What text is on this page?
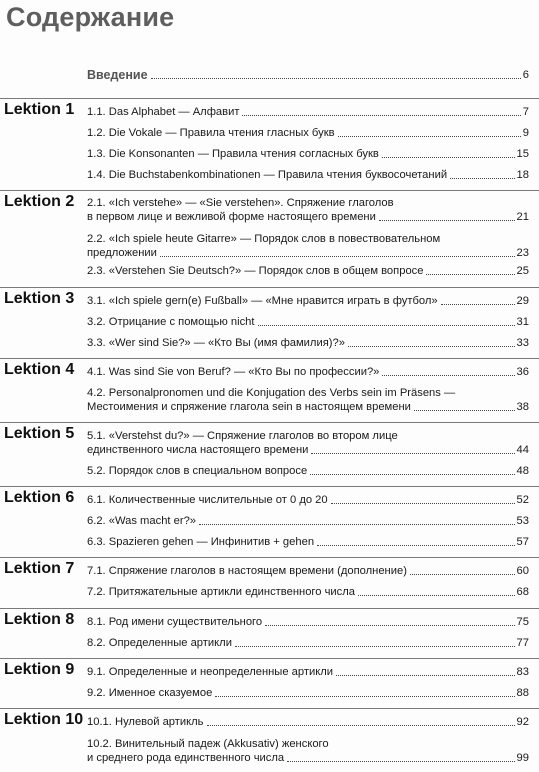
Содержание
Введение	6
Lektion 1 1.1. Das Alphabet — Алфавит	7
1.2. Die Vokale — Правила чтения гласных букв	9
1.3. Die Konsonanten — Правила чтения согласных букв	15
1.4. Die Buchstabenkombinationen — Правила чтения буквосочетаний	18
Lektion 2 2.1. «Ich verstehe» — «Sie verstehen». Спряжение глаголов
в первом лице и вежливой форме настоящего времени	21
2.2. «Ich spiele heute Gitarre» — Порядок слов в повествовательном
предложении	23
2.3. «Verstehen Sie Deutsch?» — Порядок слов в общем вопросе	25
Lektion 3 3.1. «Ich spiele gern(e) Fußball» — «Мне нравится играть в футбол»	29
3.2. Отрицание с помощью nicht	31
3.3. «Wer sind Sie?» — «Кто Вы (имя фамилия)?»	33
Lektion 4 4.1. Was sind Sie von Beruf? — «Кто Вы по профессии?»	36
4.2. Personalpronomen und die Konjugation des Verbs sein im Präsens —
Местоимения и спряжение глагола sein в настоящем времени	38
Lektion 5 5.1. «Verstehst du?» — Спряжение глаголов во втором лице
единственного числа настоящего времени	44
5.2. Порядок слов в специальном вопросе	48
Lektion 6 6.1. Количественные числительные от 0 до 20	52
6.2. «Was macht er?»	53
6.3. Spazieren gehen — Инфинитив + gehen	57
Lektion 7 7.1. Спряжение глаголов в настоящем времени (дополнение)	60
7.2. Притяжательные артикли единственного числа	68
Lektion 8 8.1. Род имени существительного	75
8.2. Определенные артикли	77
Lektion 9 9.1. Определенные и неопределенные артикли	83
9.2. Именное сказуемое	88
Lektion 10 10.1. Нулевой артикль	92
10.2. Винительный падеж (Akkusativ) женского
и среднего рода единственного числа	99
